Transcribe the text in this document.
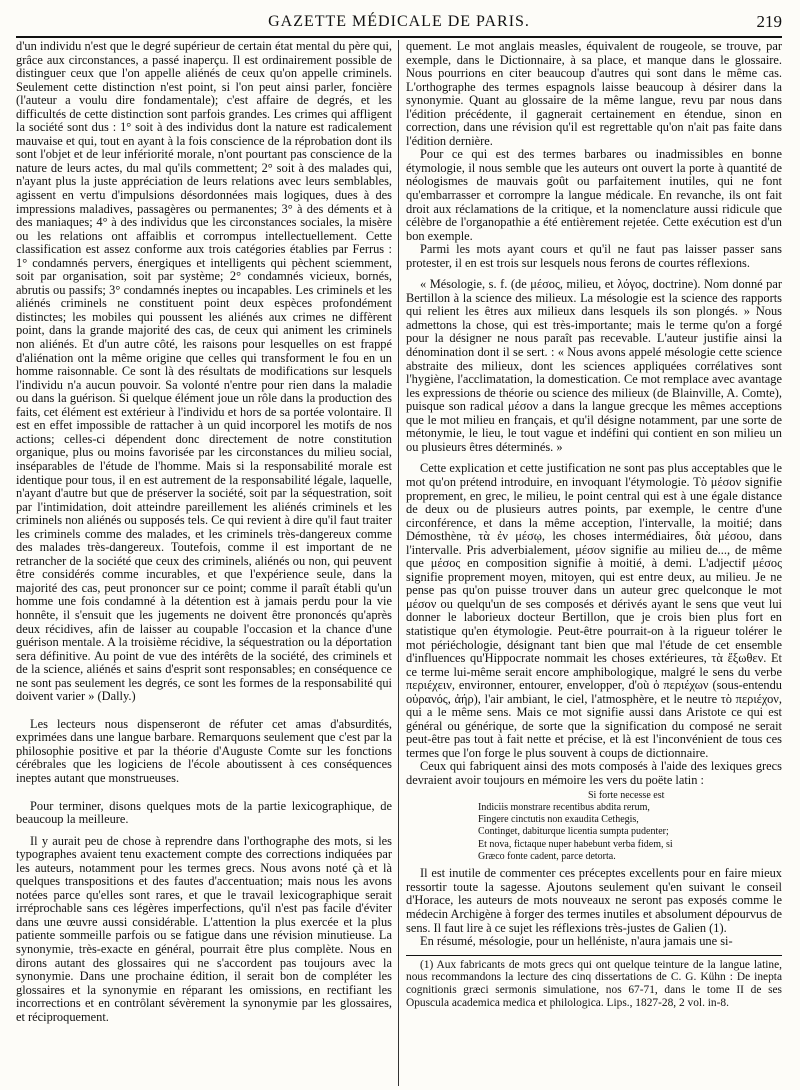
GAZETTE MÉDICALE DE PARIS.	219

d'un individu n'est que le degré supérieur de certain état mental du père qui, grâce aux circonstances, a passé inaperçu. Il est ordinairement possible de distinguer ceux que l'on appelle aliénés de ceux qu'on appelle criminels. Seulement cette distinction n'est point, si l'on peut ainsi parler, foncière (l'auteur a voulu dire fondamentale); c'est affaire de degrés, et les difficultés de cette distinction sont parfois grandes. Les crimes qui affligent la société sont dus : 1° soit à des individus dont la nature est radicalement mauvaise et qui, tout en ayant à la fois conscience de la réprobation dont ils sont l'objet et de leur infériorité morale, n'ont pourtant pas conscience de la nature de leurs actes, du mal qu'ils commettent; 2° soit à des malades qui, n'ayant plus la juste appréciation de leurs relations avec leurs semblables, agissent en vertu d'impulsions désordonnées mais logiques, dues à des impressions maladives, passagères ou permanentes; 3° à des déments et à des maniaques; 4° à des individus que les circonstances sociales, la misère ou les relations ont affaiblis et corrompus intellectuellement. Cette classification est assez conforme aux trois catégories établies par Ferrus : 1° condamnés pervers, énergiques et intelligents qui pèchent sciemment, soit par organisation, soit par système; 2° condamnés vicieux, bornés, abrutis ou passifs; 3° condamnés ineptes ou incapables. Les criminels et les aliénés criminels ne constituent point deux espèces profondément distinctes; les mobiles qui poussent les aliénés aux crimes ne diffèrent point, dans la grande majorité des cas, de ceux qui animent les criminels non aliénés. Et d'un autre côté, les raisons pour lesquelles on est frappé d'aliénation ont la même origine que celles qui transforment le fou en un homme raisonnable. Ce sont là des résultats de modifications sur lesquels l'individu n'a aucun pouvoir. Sa volonté n'entre pour rien dans la maladie ou dans la guérison. Si quelque élément joue un rôle dans la production des faits, cet élément est extérieur à l'individu et hors de sa portée volontaire. Il est en effet impossible de rattacher à un quid incorporel les motifs de nos actions; celles-ci dépendent donc directement de notre constitution organique, plus ou moins favorisée par les circonstances du milieu social, inséparables de l'étude de l'homme. Mais si la responsabilité morale est identique pour tous, il en est autrement de la responsabilité légale, laquelle, n'ayant d'autre but que de préserver la société, soit par la séquestration, soit par l'intimidation, doit atteindre pareillement les aliénés criminels et les criminels non aliénés ou supposés tels. Ce qui revient à dire qu'il faut traiter les criminels comme des malades, et les criminels très-dangereux comme des malades très-dangereux. Toutefois, comme il est important de ne retrancher de la société que ceux des criminels, aliénés ou non, qui peuvent être considérés comme incurables, et que l'expérience seule, dans la majorité des cas, peut prononcer sur ce point; comme il paraît établi qu'un homme une fois condamné à la détention est à jamais perdu pour la vie honnête, il s'ensuit que les jugements ne doivent être prononcés qu'après deux récidives, afin de laisser au coupable l'occasion et la chance d'une guérison mentale. A la troisième récidive, la séquestration ou la déportation sera définitive. Au point de vue des intérêts de la société, des criminels et de la science, aliénés et sains d'esprit sont responsables; en conséquence ce ne sont pas seulement les degrés, ce sont les formes de la responsabilité qui doivent varier » (Dally.)

Les lecteurs nous dispenseront de réfuter cet amas d'absurdités, exprimées dans une langue barbare. Remarquons seulement que c'est par la philosophie positive et par la théorie d'Auguste Comte sur les fonctions cérébrales que les logiciens de l'école aboutissent à ces conséquences ineptes autant que monstrueuses.

Pour terminer, disons quelques mots de la partie lexicographique, de beaucoup la meilleure.

Il y aurait peu de chose à reprendre dans l'orthographe des mots, si les typographes avaient tenu exactement compte des corrections indiquées par les auteurs, notamment pour les termes grecs. Nous avons noté çà et là quelques transpositions et des fautes d'accentuation; mais nous les avons notées parce qu'elles sont rares, et que le travail lexicographique serait irréprochable sans ces légères imperfections, qu'il n'est pas facile d'éviter dans une œuvre aussi considérable. L'attention la plus exercée et la plus patiente sommeille parfois ou se fatigue dans une révision minutieuse. La synonymie, très-exacte en général, pourrait être plus complète. Nous en dirons autant des glossaires qui ne s'accordent pas toujours avec la synonymie. Dans une prochaine édition, il serait bon de compléter les glossaires et la synonymie en réparant les omissions, en rectifiant les incorrections et en contrôlant sévèrement la synonymie par les glossaires, et réciproquement.

quement. Le mot anglais measles, équivalent de rougeole, se trouve, par exemple, dans le Dictionnaire, à sa place, et manque dans le glossaire. Nous pourrions en citer beaucoup d'autres qui sont dans le même cas. L'orthographe des termes espagnols laisse beaucoup à désirer dans la synonymie. Quant au glossaire de la même langue, revu par nous dans l'édition précédente, il gagnerait certainement en étendue, sinon en correction, dans une révision qu'il est regrettable qu'on n'ait pas faite dans l'édition dernière.

Pour ce qui est des termes barbares ou inadmissibles en bonne étymologie, il nous semble que les auteurs ont ouvert la porte à quantité de néologismes de mauvais goût ou parfaitement inutiles, qui ne font qu'embarrasser et corrompre la langue médicale. En revanche, ils ont fait droit aux réclamations de la critique, et la nomenclature aussi ridicule que célèbre de l'organopathie a été entièrement rejetée. Cette exécution est d'un bon exemple.

Parmi les mots ayant cours et qu'il ne faut pas laisser passer sans protester, il en est trois sur lesquels nous ferons de courtes réflexions.

« Mésologie, s. f. (de μέσος, milieu, et λόγος, doctrine). Nom donné par Bertillon à la science des milieux. La mésologie est la science des rapports qui relient les êtres aux milieux dans lesquels ils son plongés. » Nous admettons la chose, qui est très-importante; mais le terme qu'on a forgé pour la désigner ne nous paraît pas recevable. L'auteur justifie ainsi la dénomination dont il se sert. : « Nous avons appelé mésologie cette science abstraite des milieux, dont les sciences appliquées corrélatives sont l'hygiène, l'acclimatation, la domestication. Ce mot remplace avec avantage les expressions de théorie ou science des milieux (de Blainville, A. Comte), puisque son radical μέσον a dans la langue grecque les mêmes acceptions que le mot milieu en français, et qu'il désigne notamment, par une sorte de métonymie, le lieu, le tout vague et indéfini qui contient en son milieu un ou plusieurs êtres déterminés. »

Cette explication et cette justification ne sont pas plus acceptables que le mot qu'on prétend introduire, en invoquant l'étymologie. Τὸ μέσον signifie proprement, en grec, le milieu, le point central qui est à une égale distance de deux ou de plusieurs autres points, par exemple, le centre d'une circonférence, et dans la même acception, l'intervalle, la moitié; dans Démosthène, τὰ ἐν μέσῳ, les choses intermédiaires, διὰ μέσου, dans l'intervalle. Pris adverbialement, μέσον signifie au milieu de..., de même que μέσος en composition signifie à moitié, à demi. L'adjectif μέσος signifie proprement moyen, mitoyen, qui est entre deux, au milieu. Je ne pense pas qu'on puisse trouver dans un auteur grec quelconque le mot μέσον ou quelqu'un de ses composés et dérivés ayant le sens que veut lui donner le laborieux docteur Bertillon, que je crois bien plus fort en statistique qu'en étymologie. Peut-être pourrait-on à la rigueur tolérer le mot périéchologie, désignant tant bien que mal l'étude de cet ensemble d'influences qu'Hippocrate nommait les choses extérieures, τὰ ἔξωθεν. Et ce terme lui-même serait encore amphibologique, malgré le sens du verbe περιέχειν, environner, entourer, envelopper, d'où ὁ περιέχων (sous-entendu οὐρανός, ἀήρ), l'air ambiant, le ciel, l'atmosphère, et le neutre τὸ περιέχον, qui a le même sens. Mais ce mot signifie aussi dans Aristote ce qui est général ou générique, de sorte que la signification du composé ne serait peut-être pas tout à fait nette et précise, et là est l'inconvénient de tous ces termes que l'on forge le plus souvent à coups de dictionnaire.

Ceux qui fabriquent ainsi des mots composés à l'aide des lexiques grecs devraient avoir toujours en mémoire les vers du poëte latin :

Si forte necesse est
Indiciis monstrare recentibus abdita rerum,
Fingere cinctutis non exaudita Cethegis,
Continget, dabiturque licentia sumpta pudenter;
Et nova, fictaque nuper habebunt verba fidem, si
Græco fonte cadent, parce detorta.

Il est inutile de commenter ces préceptes excellents pour en faire mieux ressortir toute la sagesse. Ajoutons seulement qu'en suivant le conseil d'Horace, les auteurs de mots nouveaux ne seront pas exposés comme le médecin Archigène à forger des termes inutiles et absolument dépourvus de sens. Il faut lire à ce sujet les réflexions très-justes de Galien (1).

En résumé, mésologie, pour un helléniste, n'aura jamais une si-

(1) Aux fabricants de mots grecs qui ont quelque teinture de la langue latine, nous recommandons la lecture des cinq dissertations de C. G. Kühn : De inepta cognitionis græci sermonis simulatione, nos 67-71, dans le tome II de ses Opuscula academica medica et philologica. Lips., 1827-28, 2 vol. in-8.
